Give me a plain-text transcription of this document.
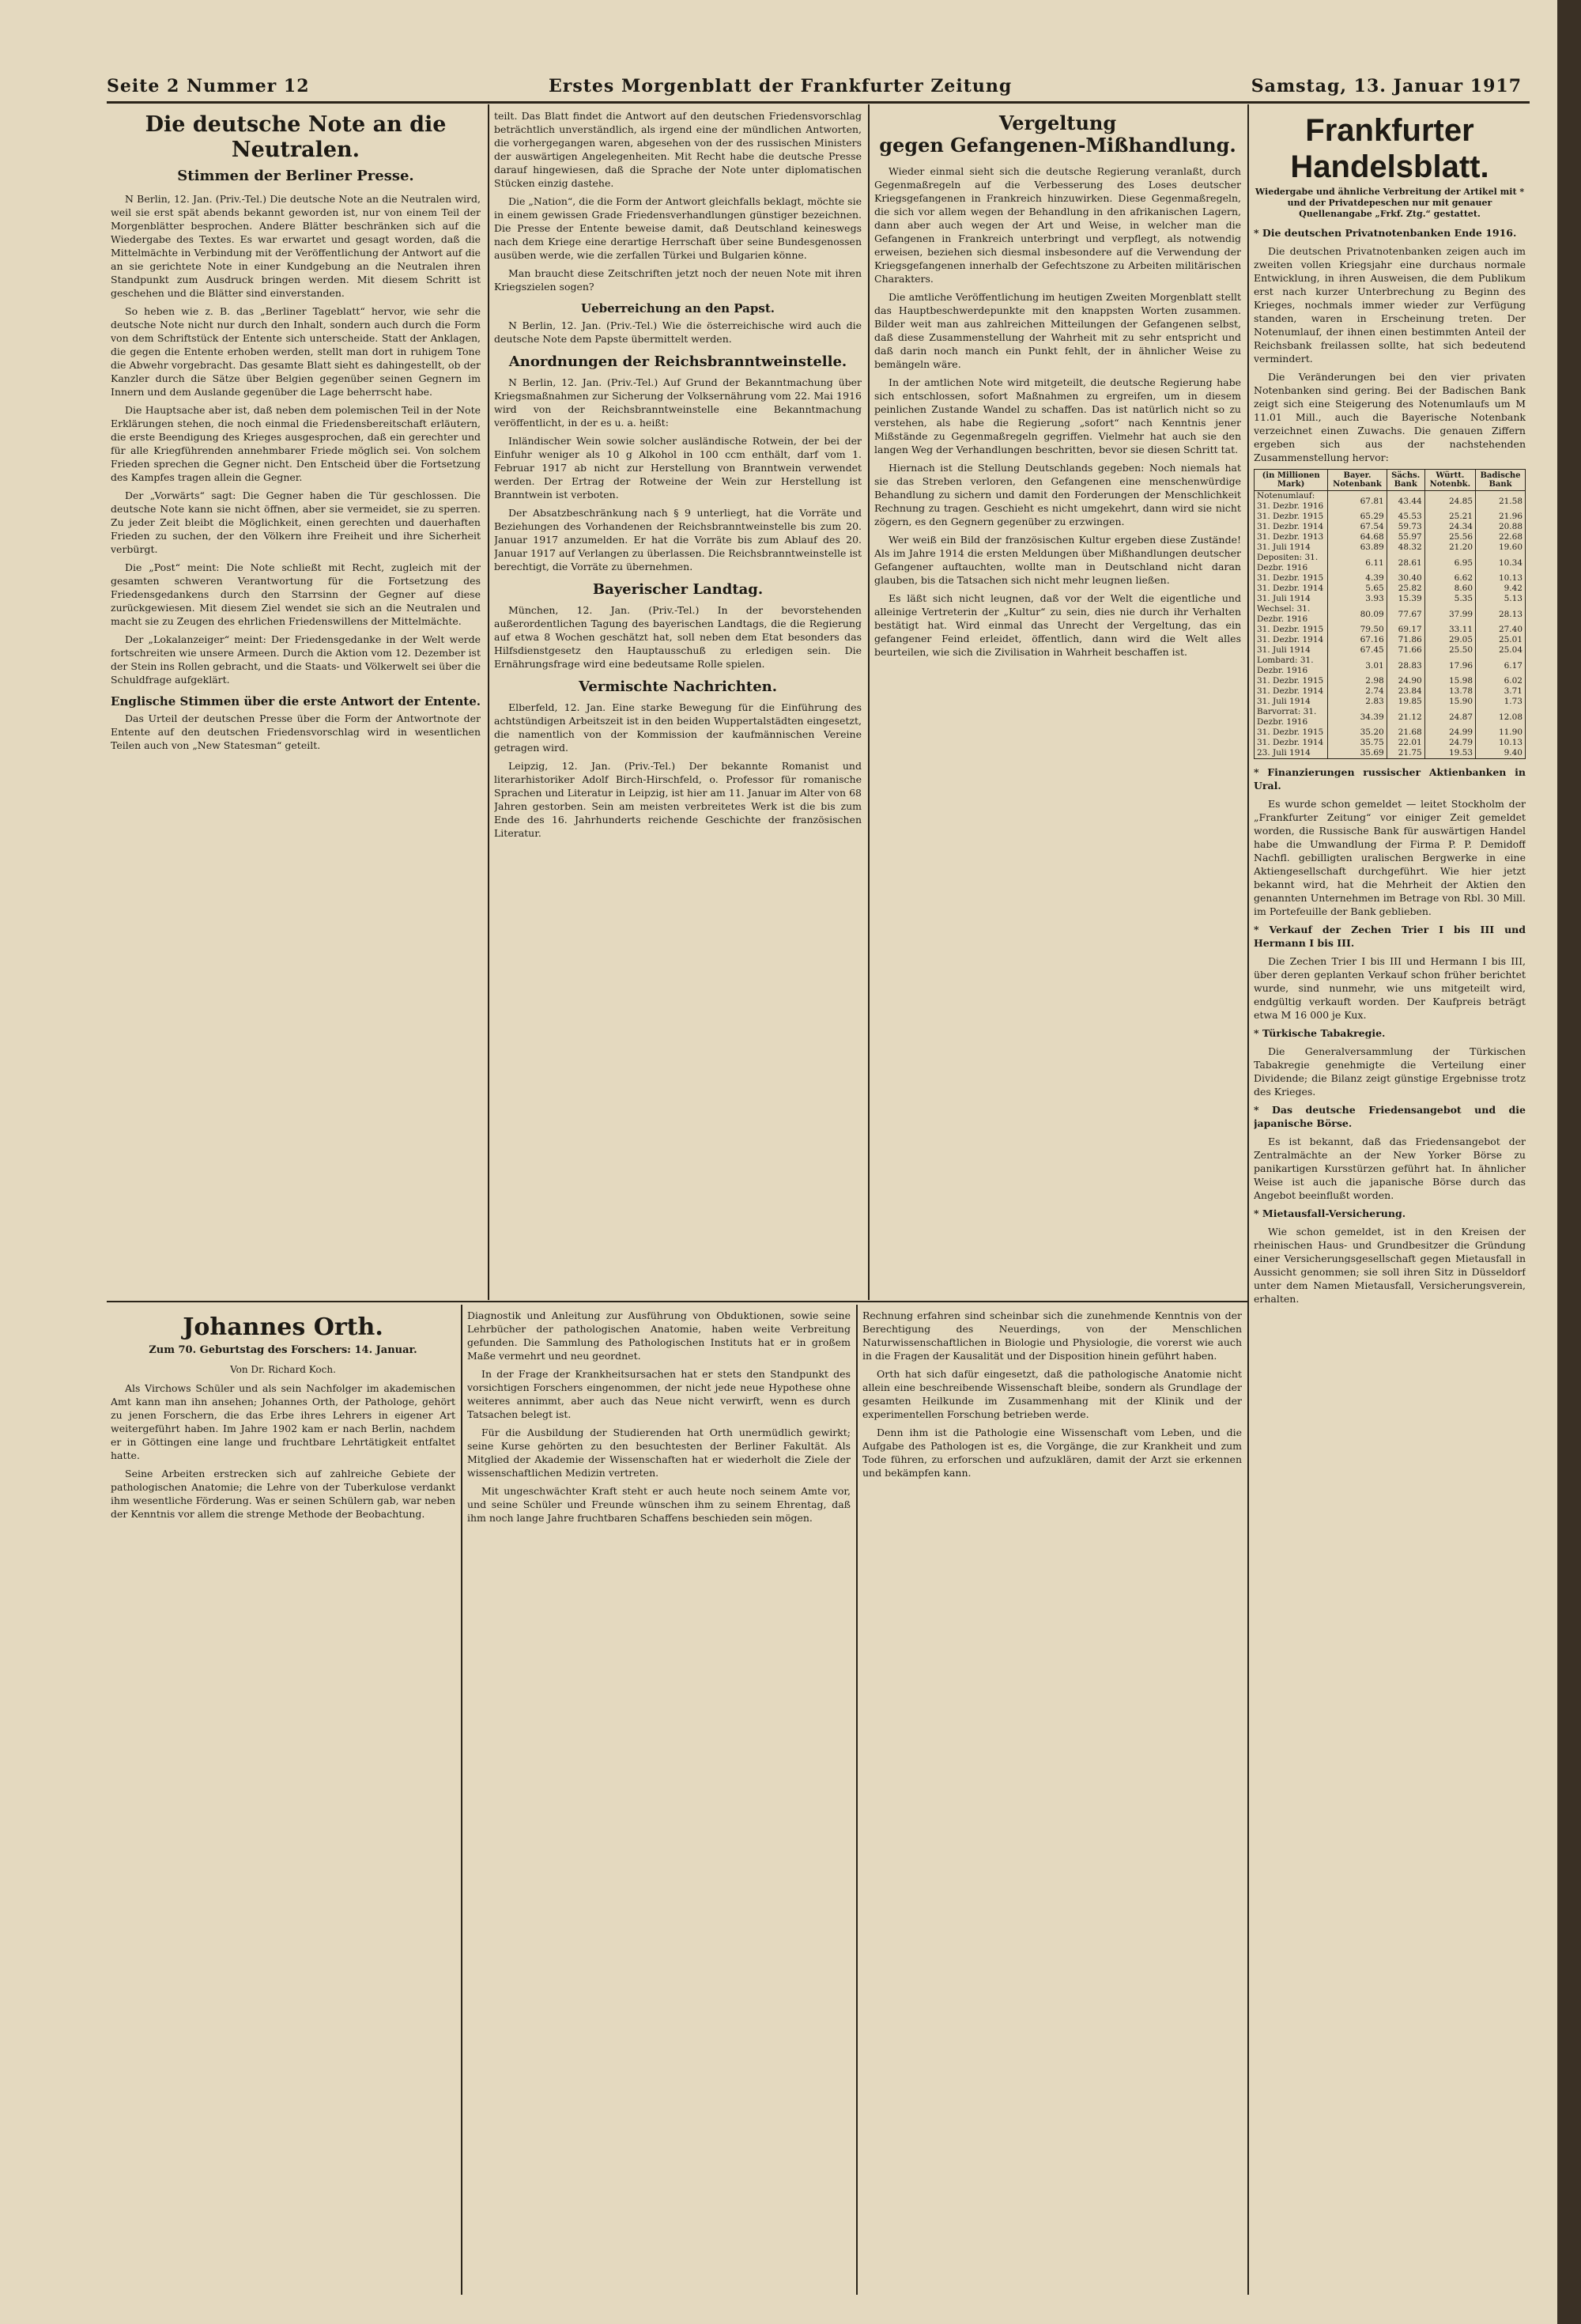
Seite 2 Nummer 12	Erstes Morgenblatt der Frankfurter Zeitung	Samstag, 13. Januar 1917
Die deutsche Note an die Neutralen.
Stimmen der Berliner Presse.

N Berlin, 12. Jan. (Priv.-Tel.) Die deutsche Note an die Neutralen wird, weil sie erst spät abends bekannt geworden ist, nur von einem Teil der Morgenblätter besprochen. Andere Blätter beschränken sich auf die Wiedergabe des Textes. Es war erwartet und gesagt worden, daß die Mittelmächte in Verbindung mit der Veröffentlichung der Antwort auf die an sie gerichtete Note in einer Kundgebung an die Neutralen ihren Standpunkt zum Ausdruck bringen werden. Mit diesem Schritt ist geschehen und die Blätter sind einverstanden.

So heben wie z. B. das „Berliner Tageblatt“ hervor, wie sehr die deutsche Note nicht nur durch den Inhalt, sondern auch durch die Form von dem Schriftstück der Entente sich unterscheide. Statt der Anklagen, die gegen die Entente erhoben werden, stellt man dort in ruhigem Tone die Abwehr vorgebracht. Das gesamte Blatt sieht es dahingestellt, ob der Kanzler durch die Sätze über Belgien gegenüber seinen Gegnern im Innern und dem Auslande gegenüber die Lage beherrscht habe.

Die Hauptsache aber ist, daß neben dem polemischen Teil in der Note Erklärungen stehen, die noch einmal die Friedensbereitschaft erläutern, die erste Beendigung des Krieges ausgesprochen, daß ein gerechter und für alle Kriegführenden annehmbarer Friede möglich sei. Von solchem Frieden sprechen die Gegner nicht. Den Entscheid über die Fortsetzung des Kampfes tragen allein die Gegner.

Der „Vorwärts“ sagt: Die Gegner haben die Tür geschlossen. Die deutsche Note kann sie nicht öffnen, aber sie vermeidet, sie zu sperren. Zu jeder Zeit bleibt die Möglichkeit, einen gerechten und dauerhaften Frieden zu suchen, der den Völkern ihre Freiheit und ihre Sicherheit verbürgt.

Die „Post“ meint: Die Note schließt mit Recht, zugleich mit der gesamten schweren Verantwortung für die Fortsetzung des Friedensgedankens durch den Starrsinn der Gegner auf diese zurückgewiesen. Mit diesem Ziel wendet sie sich an die Neutralen und macht sie zu Zeugen des ehrlichen Friedenswillens der Mittelmächte.

Der „Lokalanzeiger“ meint: Der Friedensgedanke in der Welt werde fortschreiten wie unsere Armeen. Durch die Aktion vom 12. Dezember ist der Stein ins Rollen gebracht, und die Staats- und Völkerwelt sei über die Schuldfrage aufgeklärt.

Englische Stimmen über die erste Antwort der Entente.

Das Urteil der deutschen Presse über die Form der Antwortnote der Entente auf den deutschen Friedensvorschlag wird in wesentlichen Teilen auch von „New Statesman“ geteilt.

teilt. Das Blatt findet die Antwort auf den deutschen Friedensvorschlag beträchtlich unverständlich, als irgend eine der mündlichen Antworten, die vorhergegangen waren, abgesehen von der des russischen Ministers der auswärtigen Angelegenheiten. Mit Recht habe die deutsche Presse darauf hingewiesen, daß die Sprache der Note unter diplomatischen Stücken einzig dastehe.

Die „Nation“, die die Form der Antwort gleichfalls beklagt, möchte sie in einem gewissen Grade Friedensverhandlungen günstiger bezeichnen. Die Presse der Entente beweise damit, daß Deutschland keineswegs nach dem Kriege eine derartige Herrschaft über seine Bundesgenossen ausüben werde, wie die zerfallen Türkei und Bulgarien könne.

Man braucht diese Zeitschriften jetzt noch der neuen Note mit ihren Kriegszielen sogen?

Ueberreichung an den Papst.

N Berlin, 12. Jan. (Priv.-Tel.) Wie die österreichische wird auch die deutsche Note dem Papste übermittelt werden.

Anordnungen der Reichsbranntweinstelle.

N Berlin, 12. Jan. (Priv.-Tel.) Auf Grund der Bekanntmachung über Kriegsmaßnahmen zur Sicherung der Volksernährung vom 22. Mai 1916 wird von der Reichsbranntweinstelle eine Bekanntmachung veröffentlicht, in der es u. a. heißt:

Inländischer Wein sowie solcher ausländische Rotwein, der bei der Einfuhr weniger als 10 g Alkohol in 100 ccm enthält, darf vom 1. Februar 1917 ab nicht zur Herstellung von Branntwein verwendet werden. Der Ertrag der Rotweine der Wein zur Herstellung ist Branntwein ist verboten.

Der Absatzbeschränkung nach § 9 unterliegt, hat die Vorräte und Beziehungen des Vorhandenen der Reichsbranntweinstelle bis zum 20. Januar 1917 anzumelden. Er hat die Vorräte bis zum Ablauf des 20. Januar 1917 auf Verlangen zu überlassen. Die Reichsbranntweinstelle ist berechtigt, die Vorräte zu übernehmen.

Bayerischer Landtag.

München, 12. Jan. (Priv.-Tel.) In der bevorstehenden außerordentlichen Tagung des bayerischen Landtags, die die Regierung auf etwa 8 Wochen geschätzt hat, soll neben dem Etat besonders das Hilfsdienstgesetz den Hauptausschuß zu erledigen sein. Die Ernährungsfrage wird eine bedeutsame Rolle spielen.

Vermischte Nachrichten.

Elberfeld, 12. Jan. Eine starke Bewegung für die Einführung des achtstündigen Arbeitszeit ist in den beiden Wuppertalstädten eingesetzt, die namentlich von der Kommission der kaufmännischen Vereine getragen wird.

Leipzig, 12. Jan. (Priv.-Tel.) Der bekannte Romanist und literarhistoriker Adolf Birch-Hirschfeld, o. Professor für romanische Sprachen und Literatur in Leipzig, ist hier am 11. Januar im Alter von 68 Jahren gestorben. Sein am meisten verbreitetes Werk ist die bis zum Ende des 16. Jahrhunderts reichende Geschichte der französischen Literatur.

Vergeltung
gegen Gefangenen-Mißhandlung.

Wieder einmal sieht sich die deutsche Regierung veranlaßt, durch Gegenmaßregeln auf die Verbesserung des Loses deutscher Kriegsgefangenen in Frankreich hinzuwirken. Diese Gegenmaßregeln, die sich vor allem wegen der Behandlung in den afrikanischen Lagern, dann aber auch wegen der Art und Weise, in welcher man die Gefangenen in Frankreich unterbringt und verpflegt, als notwendig erweisen, beziehen sich diesmal insbesondere auf die Verwendung der Kriegsgefangenen innerhalb der Gefechtszone zu Arbeiten militärischen Charakters.

Die amtliche Veröffentlichung im heutigen Zweiten Morgenblatt stellt das Hauptbeschwerdepunkte mit den knappsten Worten zusammen. Bilder weit man aus zahlreichen Mitteilungen der Gefangenen selbst, daß diese Zusammenstellung der Wahrheit mit zu sehr entspricht und daß darin noch manch ein Punkt fehlt, der in ähnlicher Weise zu bemängeln wäre.

In der amtlichen Note wird mitgeteilt, die deutsche Regierung habe sich entschlossen, sofort Maßnahmen zu ergreifen, um in diesem peinlichen Zustande Wandel zu schaffen. Das ist natürlich nicht so zu verstehen, als habe die Regierung „sofort“ nach Kenntnis jener Mißstände zu Gegenmaßregeln gegriffen. Vielmehr hat auch sie den langen Weg der Verhandlungen beschritten, bevor sie diesen Schritt tat.

Hiernach ist die Stellung Deutschlands gegeben: Noch niemals hat sie das Streben verloren, den Gefangenen eine menschenwürdige Behandlung zu sichern und damit den Forderungen der Menschlichkeit Rechnung zu tragen. Geschieht es nicht umgekehrt, dann wird sie nicht zögern, es den Gegnern gegenüber zu erzwingen.

Wer weiß ein Bild der französischen Kultur ergeben diese Zustände! Als im Jahre 1914 die ersten Meldungen über Mißhandlungen deutscher Gefangener auftauchten, wollte man in Deutschland nicht daran glauben, bis die Tatsachen sich nicht mehr leugnen ließen.

Es läßt sich nicht leugnen, daß vor der Welt die eigentliche und alleinige Vertreterin der „Kultur“ zu sein, dies nie durch ihr Verhalten bestätigt hat. Wird einmal das Unrecht der Vergeltung, das ein gefangener Feind erleidet, öffentlich, dann wird die Welt alles beurteilen, wie sich die Zivilisation in Wahrheit beschaffen ist.

Frankfurter Handelsblatt.
Wiedergabe und ähnliche Verbreitung der Artikel mit * und der Privatdepeschen nur mit genauer Quellenangabe „Frkf. Ztg.“ gestattet.

* Die deutschen Privatnotenbanken Ende 1916.

Die deutschen Privatnotenbanken zeigen auch im zweiten vollen Kriegsjahr eine durchaus normale Entwicklung, in ihren Ausweisen, die dem Publikum erst nach kurzer Unterbrechung zu Beginn des Krieges, nochmals immer wieder zur Verfügung standen, waren in Erscheinung treten. Der Notenumlauf, der ihnen einen bestimmten Anteil der Reichsbank freilassen sollte, hat sich bedeutend vermindert.

Die Veränderungen bei den vier privaten Notenbanken sind gering. Bei der Badischen Bank zeigt sich eine Steigerung des Notenumlaufs um M 11.01 Mill., auch die Bayerische Notenbank verzeichnet einen Zuwachs. Die genauen Ziffern ergeben sich aus der nachstehenden Zusammenstellung hervor:

(in Millionen Mark)	Bayer. Notenbank	Sächs. Bank	Württ. Notenbk.	Badische Bank
Notenumlauf: 31. Dezbr. 1916	67.81	43.44	24.85	21.58
31. Dezbr. 1915	65.29	45.53	25.21	21.96
31. Dezbr. 1914	67.54	59.73	24.34	20.88
31. Dezbr. 1913	64.68	55.97	25.56	22.68
31. Juli 1914	63.89	48.32	21.20	19.60
Depositen: 31. Dezbr. 1916	6.11	28.61	6.95	10.34
31. Dezbr. 1915	4.39	30.40	6.62	10.13
31. Dezbr. 1914	5.65	25.82	8.60	9.42
31. Juli 1914	3.93	15.39	5.35	5.13
Wechsel: 31. Dezbr. 1916	80.09	77.67	37.99	28.13
31. Dezbr. 1915	79.50	69.17	33.11	27.40
31. Dezbr. 1914	67.16	71.86	29.05	25.01
31. Juli 1914	67.45	71.66	25.50	25.04
Lombard: 31. Dezbr. 1916	3.01	28.83	17.96	6.17
31. Dezbr. 1915	2.98	24.90	15.98	6.02
31. Dezbr. 1914	2.74	23.84	13.78	3.71
31. Juli 1914	2.83	19.85	15.90	1.73
Barvorrat: 31. Dezbr. 1916	34.39	21.12	24.87	12.08
31. Dezbr. 1915	35.20	21.68	24.99	11.90
31. Dezbr. 1914	35.75	22.01	24.79	10.13
23. Juli 1914	35.69	21.75	19.53	9.40

* Finanzierungen russischer Aktienbanken in Ural.

Es wurde schon gemeldet — leitet Stockholm der „Frankfurter Zeitung“ vor einiger Zeit gemeldet worden, die Russische Bank für auswärtigen Handel habe die Umwandlung der Firma P. P. Demidoff Nachfl. gebilligten uralischen Bergwerke in eine Aktiengesellschaft durchgeführt. Wie hier jetzt bekannt wird, hat die Mehrheit der Aktien den genannten Unternehmen im Betrage von Rbl. 30 Mill. im Portefeuille der Bank geblieben.

* Verkauf der Zechen Trier I bis III und Hermann I bis III.

Die Zechen Trier I bis III und Hermann I bis III, über deren geplanten Verkauf schon früher berichtet wurde, sind nunmehr, wie uns mitgeteilt wird, endgültig verkauft worden. Der Kaufpreis beträgt etwa M 16 000 je Kux.

* Türkische Tabakregie.

Die Generalversammlung der Türkischen Tabakregie genehmigte die Verteilung einer Dividende; die Bilanz zeigt günstige Ergebnisse trotz des Krieges.

* Das deutsche Friedensangebot und die japanische Börse.

Es ist bekannt, daß das Friedensangebot der Zentralmächte an der New Yorker Börse zu panikartigen Kursstürzen geführt hat. In ähnlicher Weise ist auch die japanische Börse durch das Angebot beeinflußt worden.

* Mietausfall-Versicherung.

Wie schon gemeldet, ist in den Kreisen der rheinischen Haus- und Grundbesitzer die Gründung einer Versicherungsgesellschaft gegen Mietausfall in Aussicht genommen; sie soll ihren Sitz in Düsseldorf unter dem Namen Mietausfall, Versicherungsverein, erhalten.

Johannes Orth.
Zum 70. Geburtstag des Forschers: 14. Januar.
Von Dr. Richard Koch.

Als Virchows Schüler und als sein Nachfolger im akademischen Amt kann man ihn ansehen; Johannes Orth, der Pathologe, gehört zu jenen Forschern, die das Erbe ihres Lehrers in eigener Art weitergeführt haben. Im Jahre 1902 kam er nach Berlin, nachdem er in Göttingen eine lange und fruchtbare Lehrtätigkeit entfaltet hatte.

Seine Arbeiten erstrecken sich auf zahlreiche Gebiete der pathologischen Anatomie; die Lehre von der Tuberkulose verdankt ihm wesentliche Förderung. Was er seinen Schülern gab, war neben der Kenntnis vor allem die strenge Methode der Beobachtung.

Diagnostik und Anleitung zur Ausführung von Obduktionen, sowie seine Lehrbücher der pathologischen Anatomie, haben weite Verbreitung gefunden. Die Sammlung des Pathologischen Instituts hat er in großem Maße vermehrt und neu geordnet.

In der Frage der Krankheitsursachen hat er stets den Standpunkt des vorsichtigen Forschers eingenommen, der nicht jede neue Hypothese ohne weiteres annimmt, aber auch das Neue nicht verwirft, wenn es durch Tatsachen belegt ist.

Für die Ausbildung der Studierenden hat Orth unermüdlich gewirkt; seine Kurse gehörten zu den besuchtesten der Berliner Fakultät. Als Mitglied der Akademie der Wissenschaften hat er wiederholt die Ziele der wissenschaftlichen Medizin vertreten.

Mit ungeschwächter Kraft steht er auch heute noch seinem Amte vor, und seine Schüler und Freunde wünschen ihm zu seinem Ehrentag, daß ihm noch lange Jahre fruchtbaren Schaffens beschieden sein mögen.

Rechnung erfahren sind scheinbar sich die zunehmende Kenntnis von der Berechtigung des Neuerdings, von der Menschlichen Naturwissenschaftlichen in Biologie und Physiologie, die vorerst wie auch in die Fragen der Kausalität und der Disposition hinein geführt haben.

Orth hat sich dafür eingesetzt, daß die pathologische Anatomie nicht allein eine beschreibende Wissenschaft bleibe, sondern als Grundlage der gesamten Heilkunde im Zusammenhang mit der Klinik und der experimentellen Forschung betrieben werde.

Denn ihm ist die Pathologie eine Wissenschaft vom Leben, und die Aufgabe des Pathologen ist es, die Vorgänge, die zur Krankheit und zum Tode führen, zu erforschen und aufzuklären, damit der Arzt sie erkennen und bekämpfen kann.
